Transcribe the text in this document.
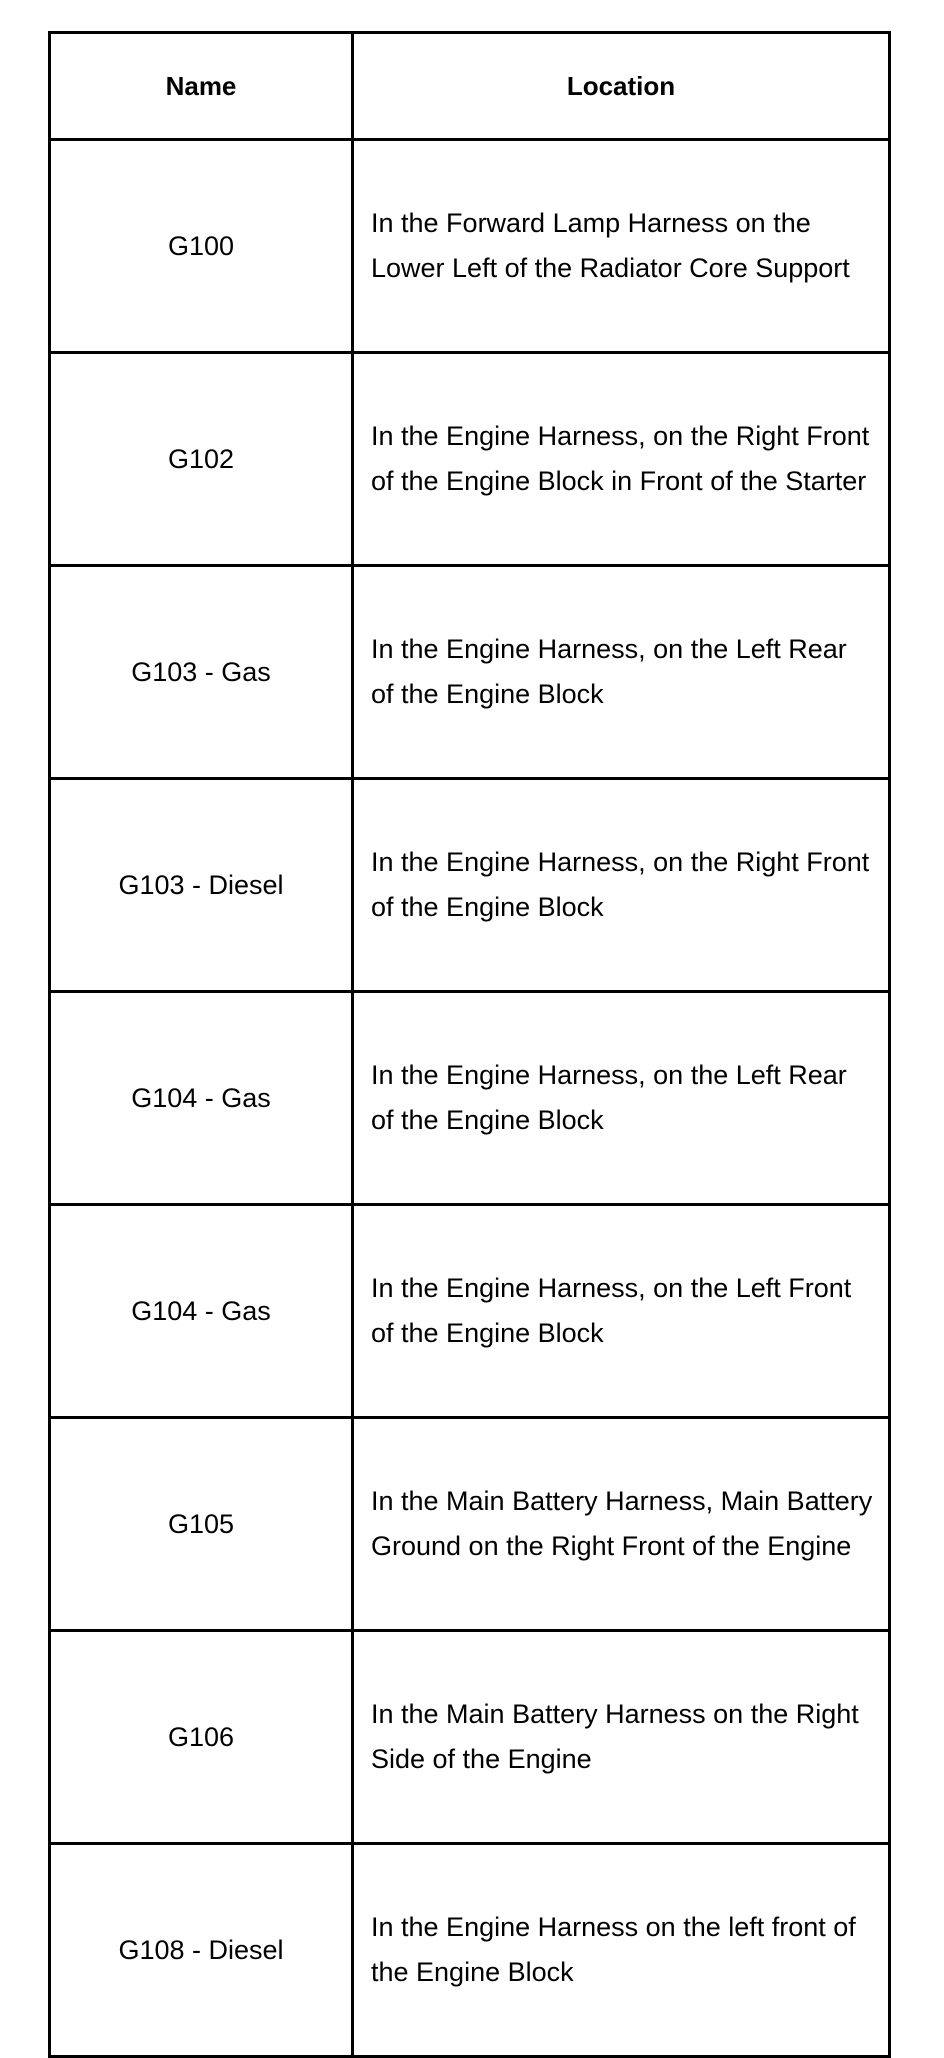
Name	Location
G100	In the Forward Lamp Harness on the Lower Left of the Radiator Core Support
G102	In the Engine Harness, on the Right Front of the Engine Block in Front of the Starter
G103 - Gas	In the Engine Harness, on the Left Rear of the Engine Block
G103 - Diesel	In the Engine Harness, on the Right Front of the Engine Block
G104 - Gas	In the Engine Harness, on the Left Rear of the Engine Block
G104 - Gas	In the Engine Harness, on the Left Front of the Engine Block
G105	In the Main Battery Harness, Main Battery Ground on the Right Front of the Engine
G106	In the Main Battery Harness on the Right Side of the Engine
G108 - Diesel	In the Engine Harness on the left front of the Engine Block
